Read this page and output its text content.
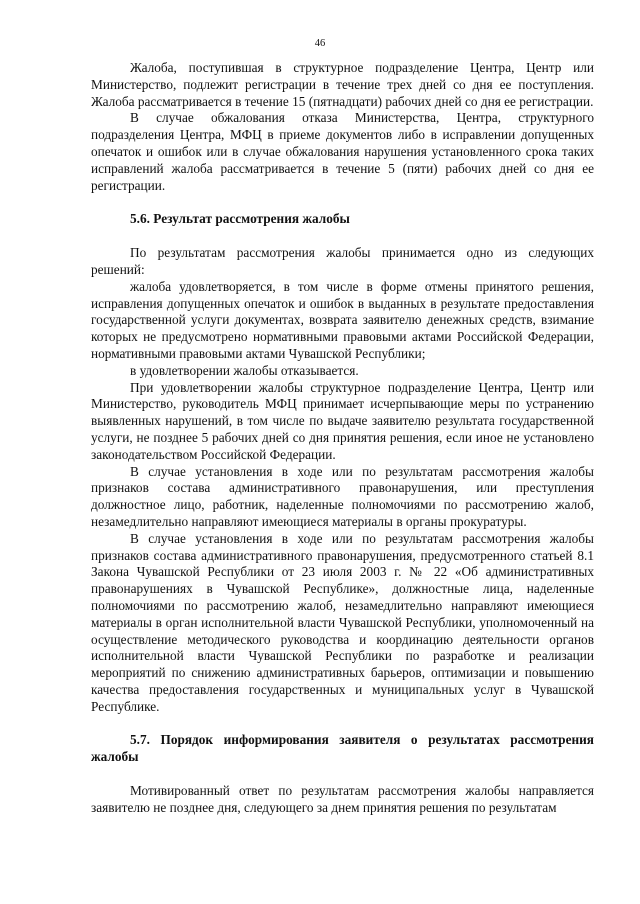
46

Жалоба, поступившая в структурное подразделение Центра, Центр или Министерство, подлежит регистрации в течение трех дней со дня ее поступления. Жалоба рассматривается в течение 15 (пятнадцати) рабочих дней со дня ее регистрации.

В случае обжалования отказа Министерства, Центра, структурного подразделения Центра, МФЦ в приеме документов либо в исправлении допущенных опечаток и ошибок или в случае обжалования нарушения установленного срока таких исправлений жалоба рассматривается в течение 5 (пяти) рабочих дней со дня ее регистрации.

5.6. Результат рассмотрения жалобы

По результатам рассмотрения жалобы принимается одно из следующих решений:

жалоба удовлетворяется, в том числе в форме отмены принятого решения, исправления допущенных опечаток и ошибок в выданных в результате предоставления государственной услуги документах, возврата заявителю денежных средств, взимание которых не предусмотрено нормативными правовыми актами Российской Федерации, нормативными правовыми актами Чувашской Республики;

в удовлетворении жалобы отказывается.

При удовлетворении жалобы структурное подразделение Центра, Центр или Министерство, руководитель МФЦ принимает исчерпывающие меры по устранению выявленных нарушений, в том числе по выдаче заявителю результата государственной услуги, не позднее 5 рабочих дней со дня принятия решения, если иное не установлено законодательством Российской Федерации.

В случае установления в ходе или по результатам рассмотрения жалобы признаков состава административного правонарушения, или преступления должностное лицо, работник, наделенные полномочиями по рассмотрению жалоб, незамедлительно направляют имеющиеся материалы в органы прокуратуры.

В случае установления в ходе или по результатам рассмотрения жалобы признаков состава административного правонарушения, предусмотренного статьей 8.1 Закона Чувашской Республики от 23 июля 2003 г. № 22 «Об административных правонарушениях в Чувашской Республике», должностные лица, наделенные полномочиями по рассмотрению жалоб, незамедлительно направляют имеющиеся материалы в орган исполнительной власти Чувашской Республики, уполномоченный на осуществление методического руководства и координацию деятельности органов исполнительной власти Чувашской Республики по разработке и реализации мероприятий по снижению административных барьеров, оптимизации и повышению качества предоставления государственных и муниципальных услуг в Чувашской Республике.

5.7. Порядок информирования заявителя о результатах рассмотрения жалобы

Мотивированный ответ по результатам рассмотрения жалобы направляется заявителю не позднее дня, следующего за днем принятия решения по результатам
